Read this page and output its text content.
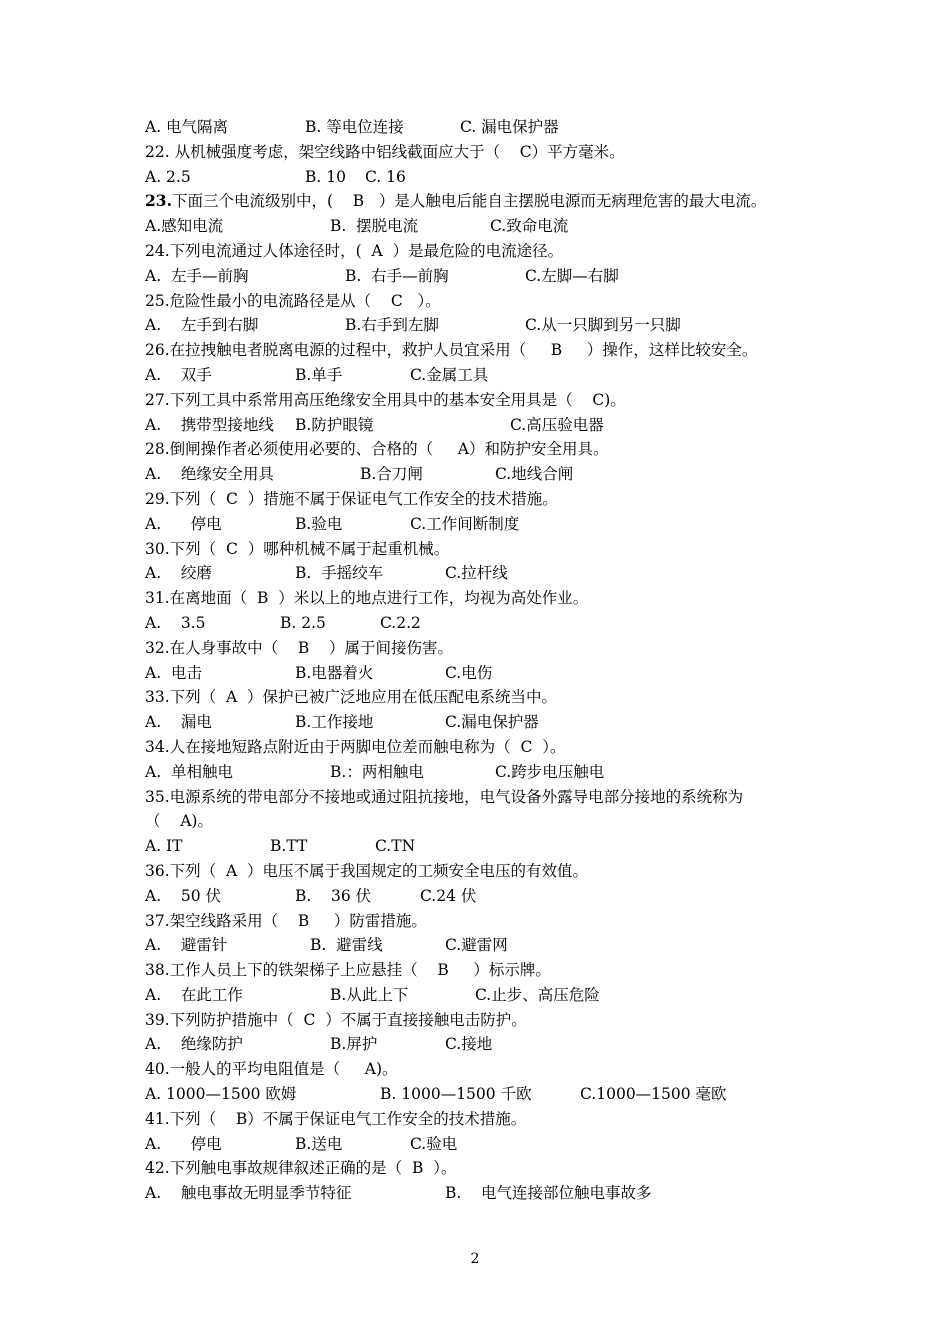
A. 电气隔离	B. 等电位连接	C. 漏电保护器
22. 从机械强度考虑，架空线路中铝线截面应大于（    C）平方毫米。
A. 2.5	B. 10 C. 16
23.下面三个电流级别中，(    B   ）是人触电后能自主摆脱电源而无病理危害的最大电流。
A.感知电流	B.  摆脱电流	C.致命电流
24.下列电流通过人体途径时，(  A  ）是最危险的电流途径。
A.  左手—前胸	B.  右手—前胸	C.左脚—右脚
25.危险性最小的电流路径是从（    C   ）。
A.    左手到右脚	B.右手到左脚	C.从一只脚到另一只脚
26.在拉拽触电者脱离电源的过程中，救护人员宜采用（     B     ）操作，这样比较安全。
A.    双手	B.单手	C.金属工具
27.下列工具中系常用高压绝缘安全用具中的基本安全用具是（    C)。
A.    携带型接地线 B.防护眼镜	C.高压验电器
28.倒闸操作者必须使用必要的、合格的（     A）和防护安全用具。
A.    绝缘安全用具	B.合刀闸	C.地线合闸
29.下列（  C  ）措施不属于保证电气工作安全的技术措施。
A.      停电	B.验电	C.工作间断制度
30.下列（  C  ）哪种机械不属于起重机械。
A.    绞磨	B.  手摇绞车	C.拉杆线
31.在离地面（  B  ）米以上的地点进行工作，均视为高处作业。
A.    3.5	B. 2.5	C.2.2
32.在人身事故中（    B    ）属于间接伤害。
A.  电击	B.电器着火	C.电伤
33.下列（  A  ）保护已被广泛地应用在低压配电系统当中。
A.    漏电	B.工作接地	C.漏电保护器
34.人在接地短路点附近由于两脚电位差而触电称为（  C  ）。
A.  单相触电	B.：两相触电	C.跨步电压触电
35.电源系统的带电部分不接地或通过阻抗接地，电气设备外露导电部分接地的系统称为
（    A)。
A. IT	B.TT	C.TN
36.下列（  A  ）电压不属于我国规定的工频安全电压的有效值。
A.    50 伏	B.    36 伏	C.24 伏
37.架空线路采用（    B     ）防雷措施。
A.    避雷针	B.  避雷线	C.避雷网
38.工作人员上下的铁架梯子上应悬挂（    B     ）标示牌。
A.    在此工作	B.从此上下	C.止步、高压危险
39.下列防护措施中（  C  ）不属于直接接触电击防护。
A.    绝缘防护	B.屏护	C.接地
40.一般人的平均电阻值是（     A)。
A. 1000—1500 欧姆	B. 1000—1500 千欧	C.1000—1500 毫欧
41.下列（    B）不属于保证电气工作安全的技术措施。
A.      停电	B.送电	C.验电
42.下列触电事故规律叙述正确的是（  B  ）。
A.    触电事故无明显季节特征	B.    电气连接部位触电事故多
2
